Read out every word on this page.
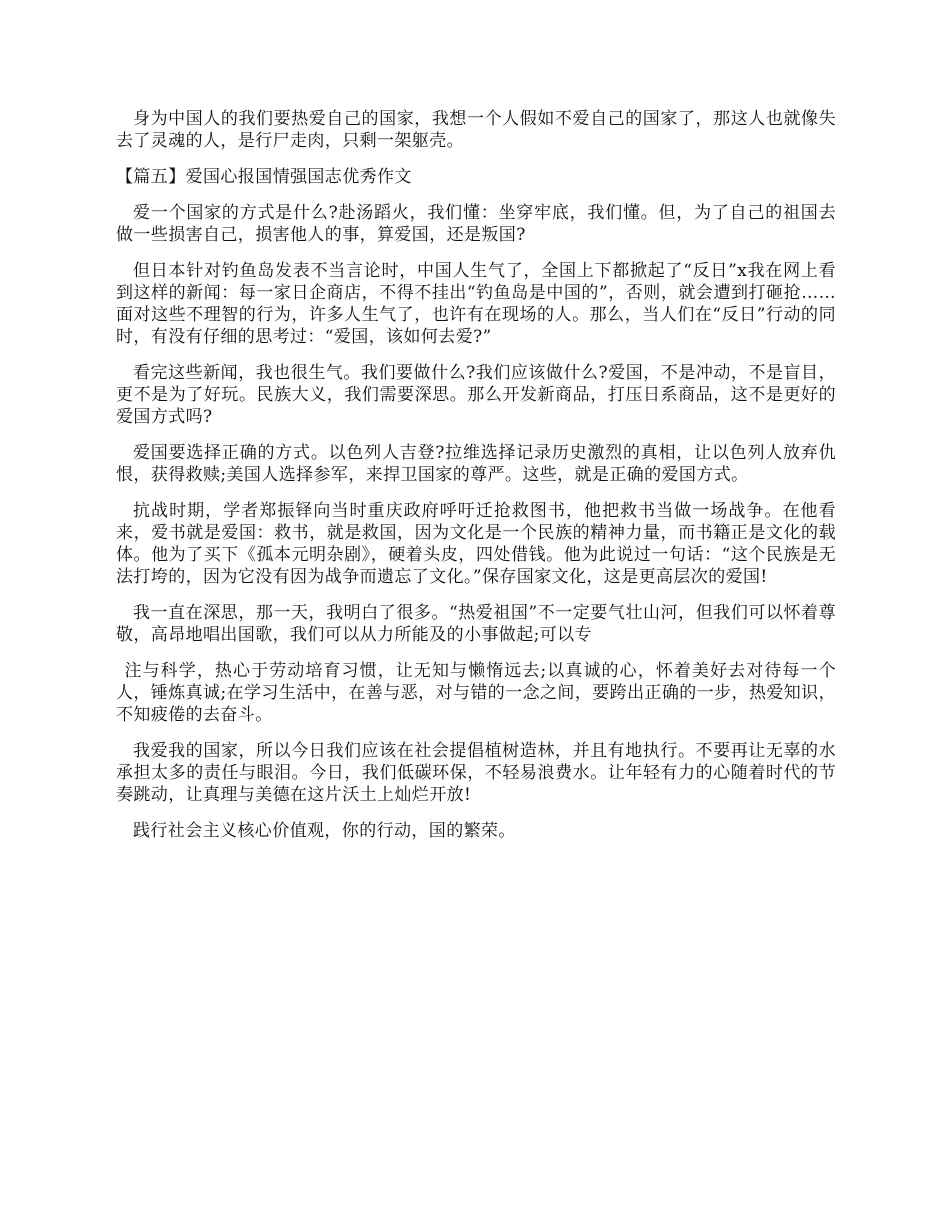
身为中国人的我们要热爱自己的国家，我想一个人假如不爱自己的国家了，那这人也就像失去了灵魂的人，是行尸走肉，只剩一架躯壳。

【篇五】爱国心报国情强国志优秀作文

爱一个国家的方式是什么?赴汤蹈火，我们懂：坐穿牢底，我们懂。但，为了自己的祖国去做一些损害自己，损害他人的事，算爱国，还是叛国?

但日本针对钓鱼岛发表不当言论时，中国人生气了，全国上下都掀起了“反日”x我在网上看到这样的新闻：每一家日企商店，不得不挂出“钓鱼岛是中国的”，否则，就会遭到打砸抢……面对这些不理智的行为，许多人生气了，也许有在现场的人。那么，当人们在“反日”行动的同时，有没有仔细的思考过：“爱国，该如何去爱?”

看完这些新闻，我也很生气。我们要做什么?我们应该做什么?爱国，不是冲动，不是盲目，更不是为了好玩。民族大义，我们需要深思。那么开发新商品，打压日系商品，这不是更好的爱国方式吗?

爱国要选择正确的方式。以色列人吉登?拉维选择记录历史激烈的真相，让以色列人放弃仇恨，获得救赎;美国人选择参军，来捍卫国家的尊严。这些，就是正确的爱国方式。

抗战时期，学者郑振铎向当时重庆政府呼吁迁抢救图书，他把救书当做一场战争。在他看来，爱书就是爱国：救书，就是救国，因为文化是一个民族的精神力量，而书籍正是文化的载体。他为了买下《孤本元明杂剧》，硬着头皮，四处借钱。他为此说过一句话：“这个民族是无法打垮的，因为它没有因为战争而遗忘了文化。”保存国家文化，这是更高层次的爱国!

我一直在深思，那一天，我明白了很多。“热爱祖国”不一定要气壮山河，但我们可以怀着尊敬，高昂地唱出国歌，我们可以从力所能及的小事做起;可以专

注与科学，热心于劳动培育习惯，让无知与懒惰远去;以真诚的心，怀着美好去对待每一个人，锤炼真诚;在学习生活中，在善与恶，对与错的一念之间，要跨出正确的一步，热爱知识，不知疲倦的去奋斗。

我爱我的国家，所以今日我们应该在社会提倡植树造林，并且有地执行。不要再让无辜的水承担太多的责任与眼泪。今日，我们低碳环保，不轻易浪费水。让年轻有力的心随着时代的节奏跳动，让真理与美德在这片沃土上灿烂开放!

践行社会主义核心价值观，你的行动，国的繁荣。
